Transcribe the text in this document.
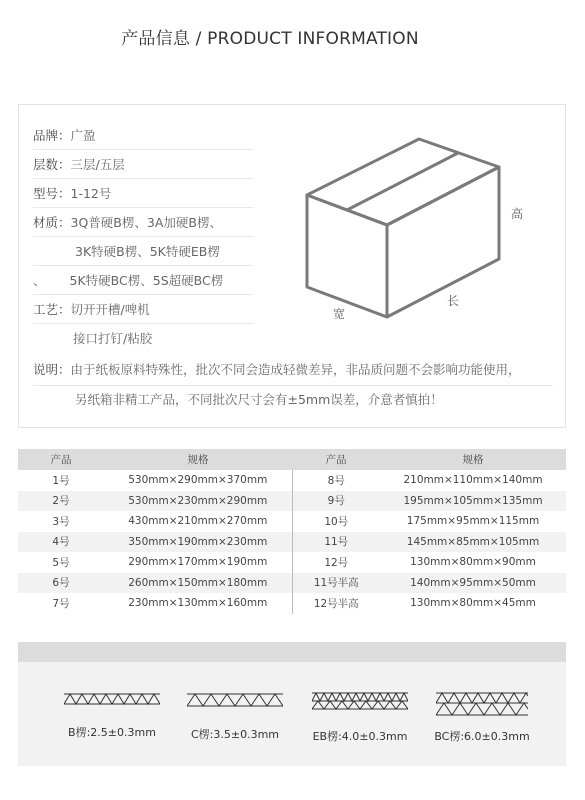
产品信息 / PRODUCT INFORMATION
品牌：广盈
层数：三层/五层
型号：1-12号
材质：3Q普硬B楞、3A加硬B楞、
3K特硬B楞、5K特硬EB楞
、 5K特硬BC楞、5S超硬BC楞
工艺：切开开槽/啤机
接口打钉/粘胶
高
宽
长
说明：由于纸板原料特殊性，批次不同会造成轻微差异，非品质问题不会影响功能使用，
另纸箱非精工产品，不同批次尺寸会有±5mm误差，介意者慎拍！
产品	规格	产品	规格
1号	530mm×290mm×370mm	8号	210mm×110mm×140mm
2号	530mm×230mm×290mm	9号	195mm×105mm×135mm
3号	430mm×210mm×270mm	10号	175mm×95mm×115mm
4号	350mm×190mm×230mm	11号	145mm×85mm×105mm
5号	290mm×170mm×190mm	12号	130mm×80mm×90mm
6号	260mm×150mm×180mm	11号半高	140mm×95mm×50mm
7号	230mm×130mm×160mm	12号半高	130mm×80mm×45mm
B楞:2.5±0.3mm	C楞:3.5±0.3mm	EB楞:4.0±0.3mm	BC楞:6.0±0.3mm
